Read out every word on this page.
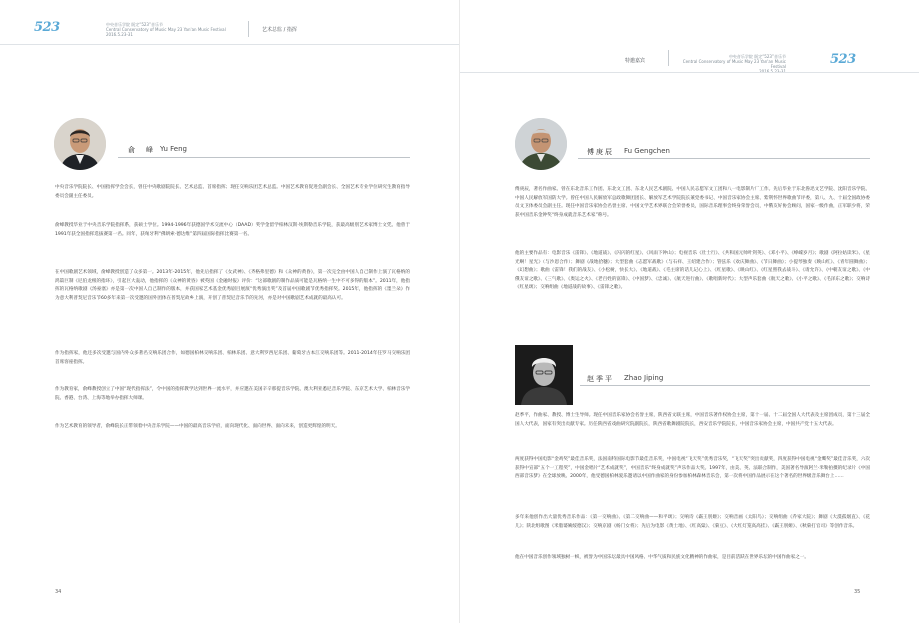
523	中央音乐学院 既定“523”音乐节
Central Conservatory of Music May 23 Yan'an Music Festival
2016.5.23-31
艺术总监 / 指挥
俞　峰 Yu Feng

中央音乐学院院长、中国指挥学会会长，曾任中央歌剧院院长、艺术总监、首席指挥；现任交响乐团艺术总监。中国艺术教育促进会副会长、全国艺术专业学位研究生教育指导委员会副主任委员。

俞峰教授毕业于中央音乐学院指挥系，获硕士学位。1994-1996年获德国学术交流中心（DAAD）奖学金留学柏林汉斯·埃斯勒音乐学院，获最高级别艺术家博士文凭。他曾于1991年获全国指挥选拔赛第一名。同年，获匈牙利“佛朗索·德达维”第四届国际指挥比赛第一名。

在中国歌剧艺术领域，俞峰教授创造了众多第一。2013年-2015年，他先后指挥了《女武神》、《齐格弗里德》和《众神的黄昏》，第一次完全由中国人自己制作上演了瓦格纳的鸿篇巨制《尼伯龙根的指环》，引起巨大轰动，他指挥的《众神的黄昏》被英国《金融时报》评价：“这部歌剧的制作品质可能是瓦格纳一生中不可多得的版本”。2011年，他指挥的瓦格纳歌剧《汤豪塞》亦是第一次中国人自己制作的版本，并获国家艺术基金优秀剧目展演“优秀演出奖”及首届中国歌剧节优秀指挥奖。2015年，他指挥的《墨兰朵》作为意大利普契尼音乐节60多年来第一次受邀的国外团体在普契尼故乡上演，开创了普契尼音乐节的先河，亦是对中国歌剧艺术成就的最高认可。

作为指挥家，他还多次受邀与国内外众多著名交响乐团合作，如德国柏林交响乐团、柏林乐团、意大利罗西尼乐团、葡萄牙古本江交响乐团等。2011-2014年任罗马交响乐团首席客座指挥。

作为教育家，俞峰教授创立了中国“现代指挥法”，令中国的指挥教学达到世界一流水平，并应邀在美国辛辛那提音乐学院、澳大利亚悉尼音乐学院、东京艺术大学、柏林音乐学院、香港、台湾、上海等地举办指挥大师课。

作为艺术教育的领导者，俞峰院长正带领着中央音乐学院——中国的最高音乐学府，面向现代化、面向世界、面向未来，创造更辉煌的明天。

34
特邀嘉宾
中央音乐学院 既定“523”音乐节
Central Conservatory of Music May 23 Yan'an Music Festival	523
傅庚辰 Fu Gengchen

傅庚辰，著名作曲家。曾在东北音乐工作团、东北文工团、东北人民艺术剧院、中国人民志愿军文工团和八一电影制片厂工作。先后毕业于东北鲁迅文艺学院、沈阳音乐学院、中国人民解放军国防大学。曾任中国人民解放军总政歌舞团团长、解放军艺术学院院长兼党委书记、中国音乐家协会主席、紫荆怀世界歌曲节评委，第八、九、十届全国政协委员文卫体委员会副主任。现任中国音乐家协会名誉主席、中国文学艺术界联合会荣誉委员，国际音乐理事会终身荣誉会员，中俄友好协会顾问，国家一级作曲，正军职少将，荣获中国音乐金钟奖“终身成就音乐艺术家”称号。

他的主要作品有：电影音乐《雷锋》、《地道战》、《闪闪的红星》、《风雨下钟山》；电视音乐《壮士行》、《共和国元帅叶剑英》、《邓小平》、《峥嵘岁月》；歌剧《阿拉姑读米》、《星光啊！星光》（与沙恩合作）；舞剧《战地拾穗》；大型套曲《志愿军战歌》（与石祥、王绍建合作）；管弦乐《欢庆舞曲》、《节日舞曲》；小提琴独奏《映山红》、《青年圆舞曲》；《幻想曲》；歌曲《雷锋！我们的战友》、《小松树，快长大》、《地道战》、《毛主席的话儿记心上》、《红星歌》、《映山红》、《红星照我去战斗》、《请允许》、《中朝友谊之歌》、《中俄友谊之歌》、《三气歌》、《奥运之火》、《老百姓的富锋》、《中国梦》、《忠诚》、《航天进行曲》、《歌唱新时代》；大型声乐套曲《航天之歌》、《小平之歌》、《毛泽东之歌》；交响诗《红星颂》；交响组曲《地道战的故事》、《雷锋之歌》。

赵季平 Zhao Jiping

赵季平，作曲家、教授、博士生导师。现任中国音乐家协会名誉主席，陕西省文联主席，中国音乐著作权协会主席，第十一届、十二届全国人大代表及主席团成员，第十三届全国人大代表，国家有突出贡献专家。历任陕西省戏曲研究院副院长，陕西省歌舞剧院院长，西安音乐学院院长，中国音乐家协会主席，中国共产党十五大代表。

两度获得中国电影“金鸡奖”最佳音乐奖，法国南特国际电影节最佳音乐奖，中国电视“飞天奖”优秀音乐奖，“飞天奖”突出贡献奖，四度获得中国电视“金鹰奖”最佳音乐奖，六次获得中宣部“五个一工程奖”，中国金唱片“艺术成就奖”，中国音乐“终身成就奖”声乐作品大奖。1997年，由美、英、法联合制作，美国著名导演阿兰·米勒拍摄的纪录片《中国西部音乐梦》在全球放映。2000年，他受德国柏林爱乐邀请以中国作曲家的身份参加柏林森林音乐会，第一次将中国作品展示在这个著名的世界级音乐舞台上……

多年来他创作出大量优秀音乐作品：《第一交响曲》、《第二交响曲——和平颂》；交响诗《霸王别姬》；交响音画《太阳鸟》；交响组曲《乔家大院》；舞剧《大漠孤烟直》、《花儿》；陕北组歌图《米脂婆姨绥德汉》；交响京剧《杨门女将》；先后为电影《黄土地》、《红高粱》、《菊豆》、《大红灯笼高高挂》、《霸王别姬》、《秋菊打官司》等创作音乐。

他在中国音乐创作领域独树一帜，被誉为中国乐坛最具中国风格、中华气质和民族文化精神的作曲家，是目前活跃在世界乐坛的中国作曲家之一。

35
